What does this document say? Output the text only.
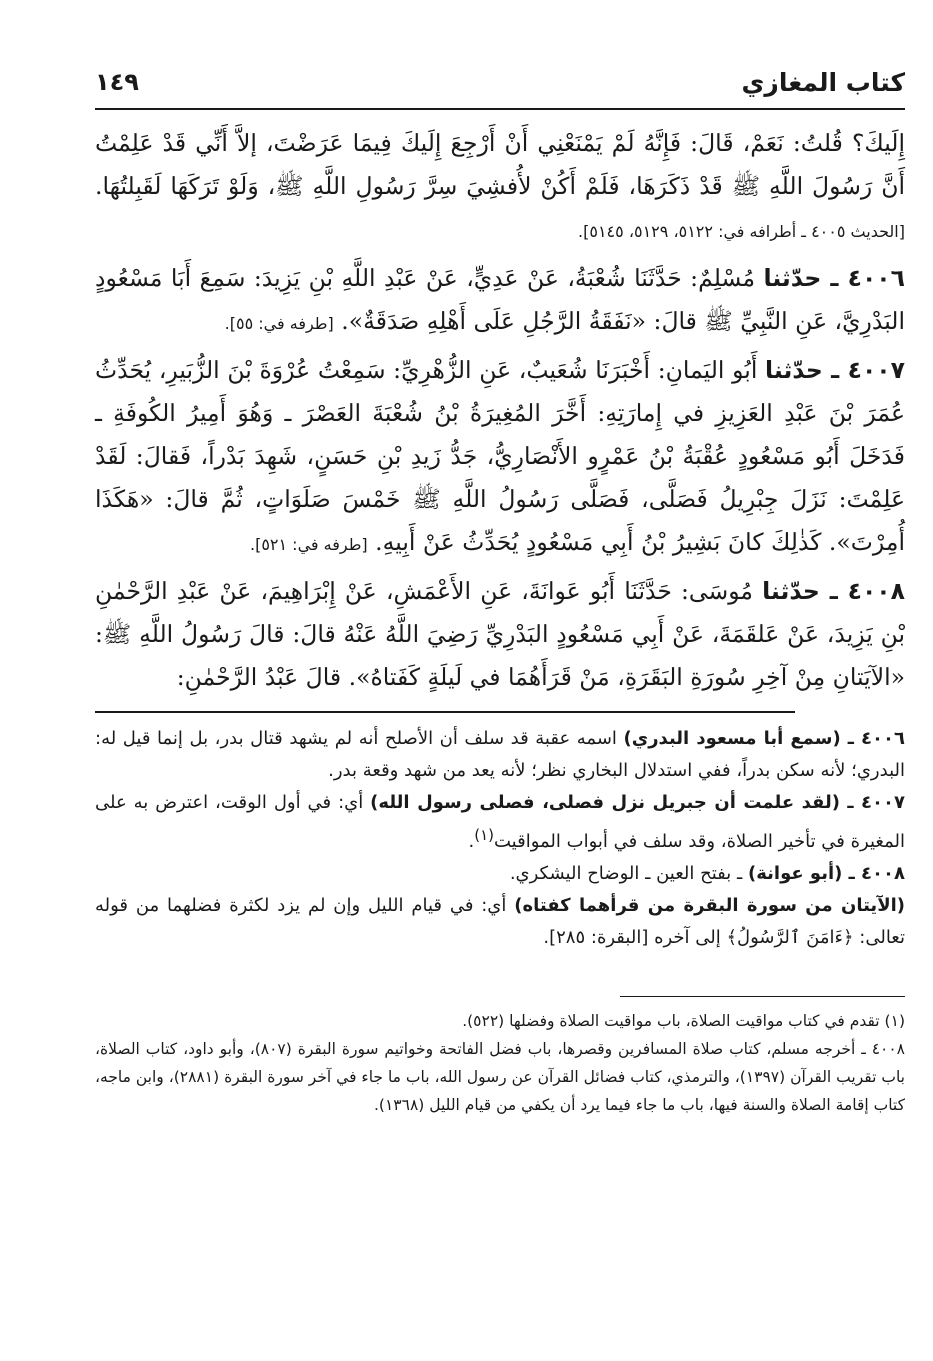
كتاب المغازي
١٤٩

إِلَيكَ؟ قُلتُ: نَعَمْ، قَالَ: فَإِنَّهُ لَمْ يَمْنَعْنِي أَنْ أَرْجِعَ إِلَيكَ فِيمَا عَرَضْتَ، إلاَّ أَنِّي قَدْ عَلِمْتُ أَنَّ رَسُولَ اللَّهِ ﷺ قَدْ ذَكَرَهَا، فَلَمْ أَكُنْ لأُفشِيَ سِرَّ رَسُولِ اللَّهِ ﷺ، وَلَوْ تَرَكَهَا لَقَبِلتُهَا. [الحديث ٤٠٠٥ ـ أطرافه في: ٥١٢٢، ٥١٢٩، ٥١٤٥].

٤٠٠٦ ـ حدّثنا مُسْلِمٌ: حَدَّثَنَا شُعْبَةُ، عَنْ عَدِيٍّ، عَنْ عَبْدِ اللَّهِ بْنِ يَزِيدَ: سَمِعَ أَبَا مَسْعُودٍ البَدْرِيَّ، عَنِ النَّبِيِّ ﷺ قالَ: «نَفَقَةُ الرَّجُلِ عَلَى أَهْلِهِ صَدَقَةٌ». [طرفه في: ٥٥].

٤٠٠٧ ـ حدّثنا أَبُو اليَمانِ: أَخْبَرَنَا شُعَيبٌ، عَنِ الزُّهْرِيِّ: سَمِعْتُ عُرْوَةَ بْنَ الزُّبَيرِ، يُحَدِّثُ عُمَرَ بْنَ عَبْدِ العَزِيزِ في إِمارَتِهِ: أَخَّرَ المُغِيرَةُ بْنُ شُعْبَةَ العَصْرَ ـ وَهُوَ أَمِيرُ الكُوفَةِ ـ فَدَخَلَ أَبُو مَسْعُودٍ عُقْبَةُ بْنُ عَمْرٍو الأَنْصَارِيُّ، جَدُّ زَيدِ بْنِ حَسَنٍ، شَهِدَ بَدْراً، فَقالَ: لَقَدْ عَلِمْتَ: نَزَلَ جِبْرِيلُ فَصَلَّى، فَصَلَّى رَسُولُ اللَّهِ ﷺ خَمْسَ صَلَوَاتٍ، ثُمَّ قالَ: «هَكَذَا أُمِرْتَ». كَذٰلِكَ كانَ بَشِيرُ بْنُ أَبِي مَسْعُودٍ يُحَدِّثُ عَنْ أَبِيهِ. [طرفه في: ٥٢١].

٤٠٠٨ ـ حدّثنا مُوسَى: حَدَّثَنَا أَبُو عَوانَةَ، عَنِ الأَعْمَشِ، عَنْ إِبْرَاهِيمَ، عَنْ عَبْدِ الرَّحْمٰنِ بْنِ يَزِيدَ، عَنْ عَلقَمَةَ، عَنْ أَبِي مَسْعُودٍ البَدْرِيِّ رَضِيَ اللَّهُ عَنْهُ قالَ: قالَ رَسُولُ اللَّهِ ﷺ: «الآيَتانِ مِنْ آخِرِ سُورَةِ البَقَرَةِ، مَنْ قَرَأَهُمَا في لَيلَةٍ كَفَتاهُ». قالَ عَبْدُ الرَّحْمٰنِ:

٤٠٠٦ ـ (سمع أبا مسعود البدري) اسمه عقبة قد سلف أن الأصلح أنه لم يشهد قتال بدر، بل إنما قيل له: البدري؛ لأنه سكن بدراً، ففي استدلال البخاري نظر؛ لأنه يعد من شهد وقعة بدر.

٤٠٠٧ ـ (لقد علمت أن جبريل نزل فصلى، فصلى رسول الله) أي: في أول الوقت، اعترض به على المغيرة في تأخير الصلاة، وقد سلف في أبواب المواقيت$^{(١)}$.

٤٠٠٨ ـ (أبو عوانة) ـ بفتح العين ـ الوضاح اليشكري.

(الآيتان من سورة البقرة من قرأهما كفتاه) أي: في قيام الليل وإن لم يزد لكثرة فضلهما من قوله تعالى: ﴿ءَامَنَ ٱلرَّسُولُ﴾ إلى آخره [البقرة: ٢٨٥].

(١) تقدم في كتاب مواقيت الصلاة، باب مواقيت الصلاة وفضلها (٥٢٢).

٤٠٠٨ ـ أخرجه مسلم، كتاب صلاة المسافرين وقصرها، باب فضل الفاتحة وخواتيم سورة البقرة (٨٠٧)، وأبو داود، كتاب الصلاة، باب تقريب القرآن (١٣٩٧)، والترمذي، كتاب فضائل القرآن عن رسول الله، باب ما جاء في آخر سورة البقرة (٢٨٨١)، وابن ماجه، كتاب إقامة الصلاة والسنة فيها، باب ما جاء فيما يرد أن يكفي من قيام الليل (١٣٦٨).
